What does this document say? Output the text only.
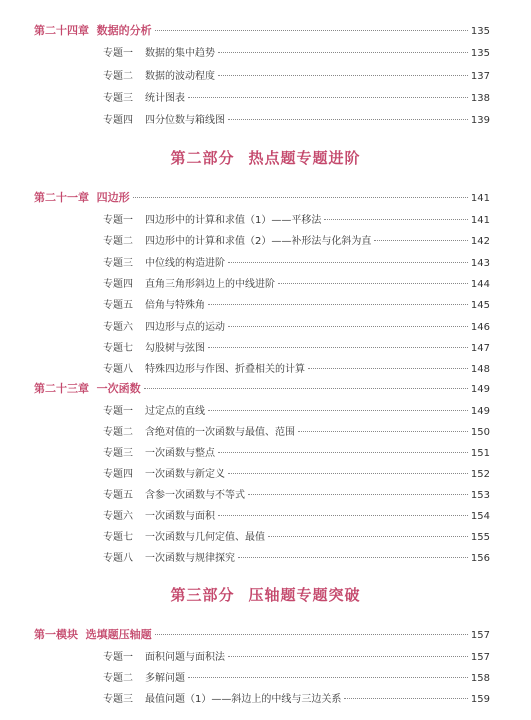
第二十四章 数据的分析	135
专题一 数据的集中趋势	135
专题二 数据的波动程度	137
专题三 统计图表	138
专题四 四分位数与箱线图	139
第二部分 热点题专题进阶
第二十一章 四边形	141
专题一 四边形中的计算和求值（1）——平移法	141
专题二 四边形中的计算和求值（2）——补形法与化斜为直	142
专题三 中位线的构造进阶	143
专题四 直角三角形斜边上的中线进阶	144
专题五 倍角与特殊角	145
专题六 四边形与点的运动	146
专题七 勾股树与弦图	147
专题八 特殊四边形与作图、折叠相关的计算	148
第二十三章 一次函数	149
专题一 过定点的直线	149
专题二 含绝对值的一次函数与最值、范围	150
专题三 一次函数与整点	151
专题四 一次函数与新定义	152
专题五 含参一次函数与不等式	153
专题六 一次函数与面积	154
专题七 一次函数与几何定值、最值	155
专题八 一次函数与规律探究	156
第三部分 压轴题专题突破
第一模块 选填题压轴题	157
专题一 面积问题与面积法	157
专题二 多解问题	158
专题三 最值问题（1）——斜边上的中线与三边关系	159
